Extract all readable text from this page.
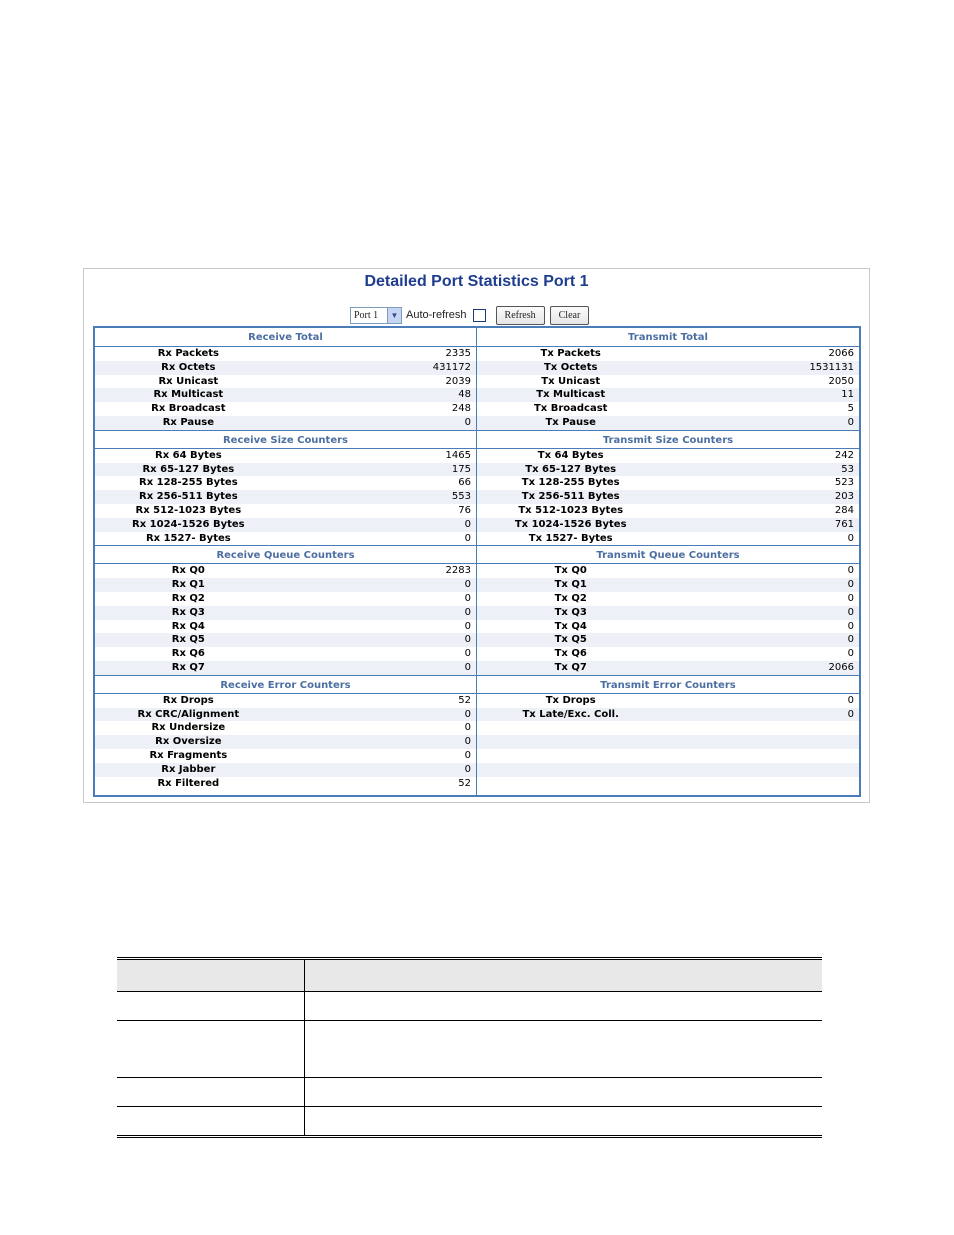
Detailed Port Statistics Port 1
Port 1	▼ Auto-refresh	Refresh	Clear
Receive Total
Rx Packets	2335
Rx Octets	431172
Rx Unicast	2039
Rx Multicast	48
Rx Broadcast	248
Rx Pause	0
Receive Size Counters
Rx 64 Bytes	1465
Rx 65-127 Bytes	175
Rx 128-255 Bytes	66
Rx 256-511 Bytes	553
Rx 512-1023 Bytes	76
Rx 1024-1526 Bytes	0
Rx 1527- Bytes	0
Receive Queue Counters
Rx Q0	2283
Rx Q1	0
Rx Q2	0
Rx Q3	0
Rx Q4	0
Rx Q5	0
Rx Q6	0
Rx Q7	0
Receive Error Counters
Rx Drops	52
Rx CRC/Alignment	0
Rx Undersize	0
Rx Oversize	0
Rx Fragments	0
Rx Jabber	0
Rx Filtered	52
Transmit Total
Tx Packets	2066
Tx Octets	1531131
Tx Unicast	2050
Tx Multicast	11
Tx Broadcast	5
Tx Pause	0
Transmit Size Counters
Tx 64 Bytes	242
Tx 65-127 Bytes	53
Tx 128-255 Bytes	523
Tx 256-511 Bytes	203
Tx 512-1023 Bytes	284
Tx 1024-1526 Bytes	761
Tx 1527- Bytes	0
Transmit Queue Counters
Tx Q0	0
Tx Q1	0
Tx Q2	0
Tx Q3	0
Tx Q4	0
Tx Q5	0
Tx Q6	0
Tx Q7	2066
Transmit Error Counters
Tx Drops	0
Tx Late/Exc. Coll.	0
